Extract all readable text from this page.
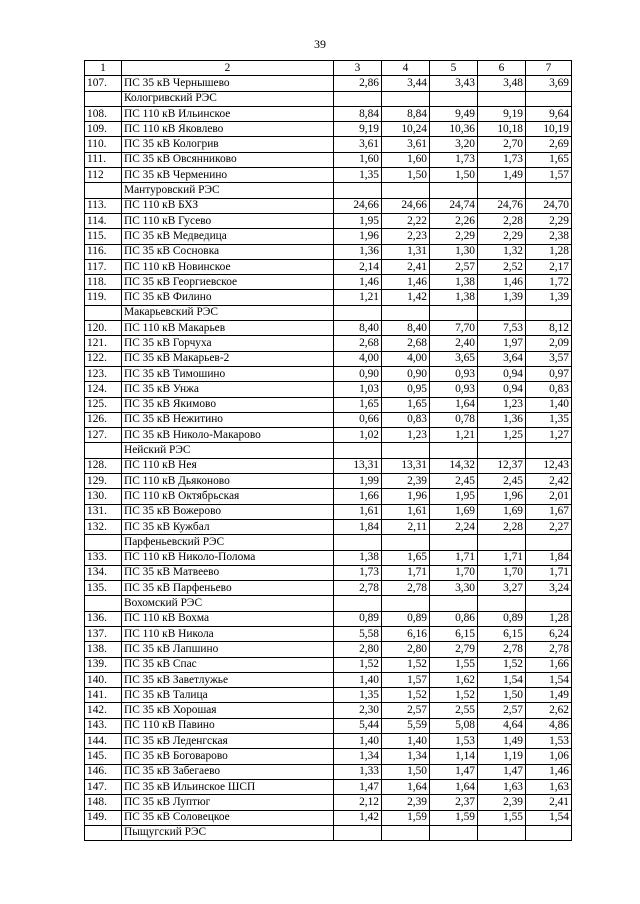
39
1	2	3	4	5	6	7
107.	ПС 35 кВ Чернышево	2,86	3,44	3,43	3,48	3,69
	Кологривский РЭС					
108.	ПС 110 кВ Ильинское	8,84	8,84	9,49	9,19	9,64
109.	ПС 110 кВ Яковлево	9,19	10,24	10,36	10,18	10,19
110.	ПС 35 кВ Кологрив	3,61	3,61	3,20	2,70	2,69
111.	ПС 35 кВ Овсянниково	1,60	1,60	1,73	1,73	1,65
112	ПС 35 кВ Черменино	1,35	1,50	1,50	1,49	1,57
	Мантуровский РЭС					
113.	ПС 110 кВ БХЗ	24,66	24,66	24,74	24,76	24,70
114.	ПС 110 кВ Гусево	1,95	2,22	2,26	2,28	2,29
115.	ПС 35 кВ Медведица	1,96	2,23	2,29	2,29	2,38
116.	ПС 35 кВ Сосновка	1,36	1,31	1,30	1,32	1,28
117.	ПС 110 кВ Новинское	2,14	2,41	2,57	2,52	2,17
118.	ПС 35 кВ Георгиевское	1,46	1,46	1,38	1,46	1,72
119.	ПС 35 кВ Филино	1,21	1,42	1,38	1,39	1,39
	Макарьевский РЭС					
120.	ПС 110 кВ Макарьев	8,40	8,40	7,70	7,53	8,12
121.	ПС 35 кВ Горчуха	2,68	2,68	2,40	1,97	2,09
122.	ПС 35 кВ Макарьев-2	4,00	4,00	3,65	3,64	3,57
123.	ПС 35 кВ Тимошино	0,90	0,90	0,93	0,94	0,97
124.	ПС 35 кВ Унжа	1,03	0,95	0,93	0,94	0,83
125.	ПС 35 кВ Якимово	1,65	1,65	1,64	1,23	1,40
126.	ПС 35 кВ Нежитино	0,66	0,83	0,78	1,36	1,35
127.	ПС 35 кВ Николо-Макарово	1,02	1,23	1,21	1,25	1,27
	Нейский РЭС					
128.	ПС 110 кВ Нея	13,31	13,31	14,32	12,37	12,43
129.	ПС 110 кВ Дьяконово	1,99	2,39	2,45	2,45	2,42
130.	ПС 110 кВ Октябрьская	1,66	1,96	1,95	1,96	2,01
131.	ПС 35 кВ Вожерово	1,61	1,61	1,69	1,69	1,67
132.	ПС 35 кВ Кужбал	1,84	2,11	2,24	2,28	2,27
	Парфеньевский РЭС					
133.	ПС 110 кВ Николо-Полома	1,38	1,65	1,71	1,71	1,84
134.	ПС 35 кВ Матвеево	1,73	1,71	1,70	1,70	1,71
135.	ПС 35 кВ Парфеньево	2,78	2,78	3,30	3,27	3,24
	Вохомский РЭС					
136.	ПС 110 кВ Вохма	0,89	0,89	0,86	0,89	1,28
137.	ПС 110 кВ Никола	5,58	6,16	6,15	6,15	6,24
138.	ПС 35 кВ Лапшино	2,80	2,80	2,79	2,78	2,78
139.	ПС 35 кВ Спас	1,52	1,52	1,55	1,52	1,66
140.	ПС 35 кВ Заветлужье	1,40	1,57	1,62	1,54	1,54
141.	ПС 35 кВ Талица	1,35	1,52	1,52	1,50	1,49
142.	ПС 35 кВ Хорошая	2,30	2,57	2,55	2,57	2,62
143.	ПС 110 кВ Павино	5,44	5,59	5,08	4,64	4,86
144.	ПС 35 кВ Леденгская	1,40	1,40	1,53	1,49	1,53
145.	ПС 35 кВ Боговарово	1,34	1,34	1,14	1,19	1,06
146.	ПС 35 кВ Забегаево	1,33	1,50	1,47	1,47	1,46
147.	ПС 35 кВ Ильинское ШСП	1,47	1,64	1,64	1,63	1,63
148.	ПС 35 кВ Луптюг	2,12	2,39	2,37	2,39	2,41
149.	ПС 35 кВ Соловецкое	1,42	1,59	1,59	1,55	1,54
	Пыщугский РЭС					
